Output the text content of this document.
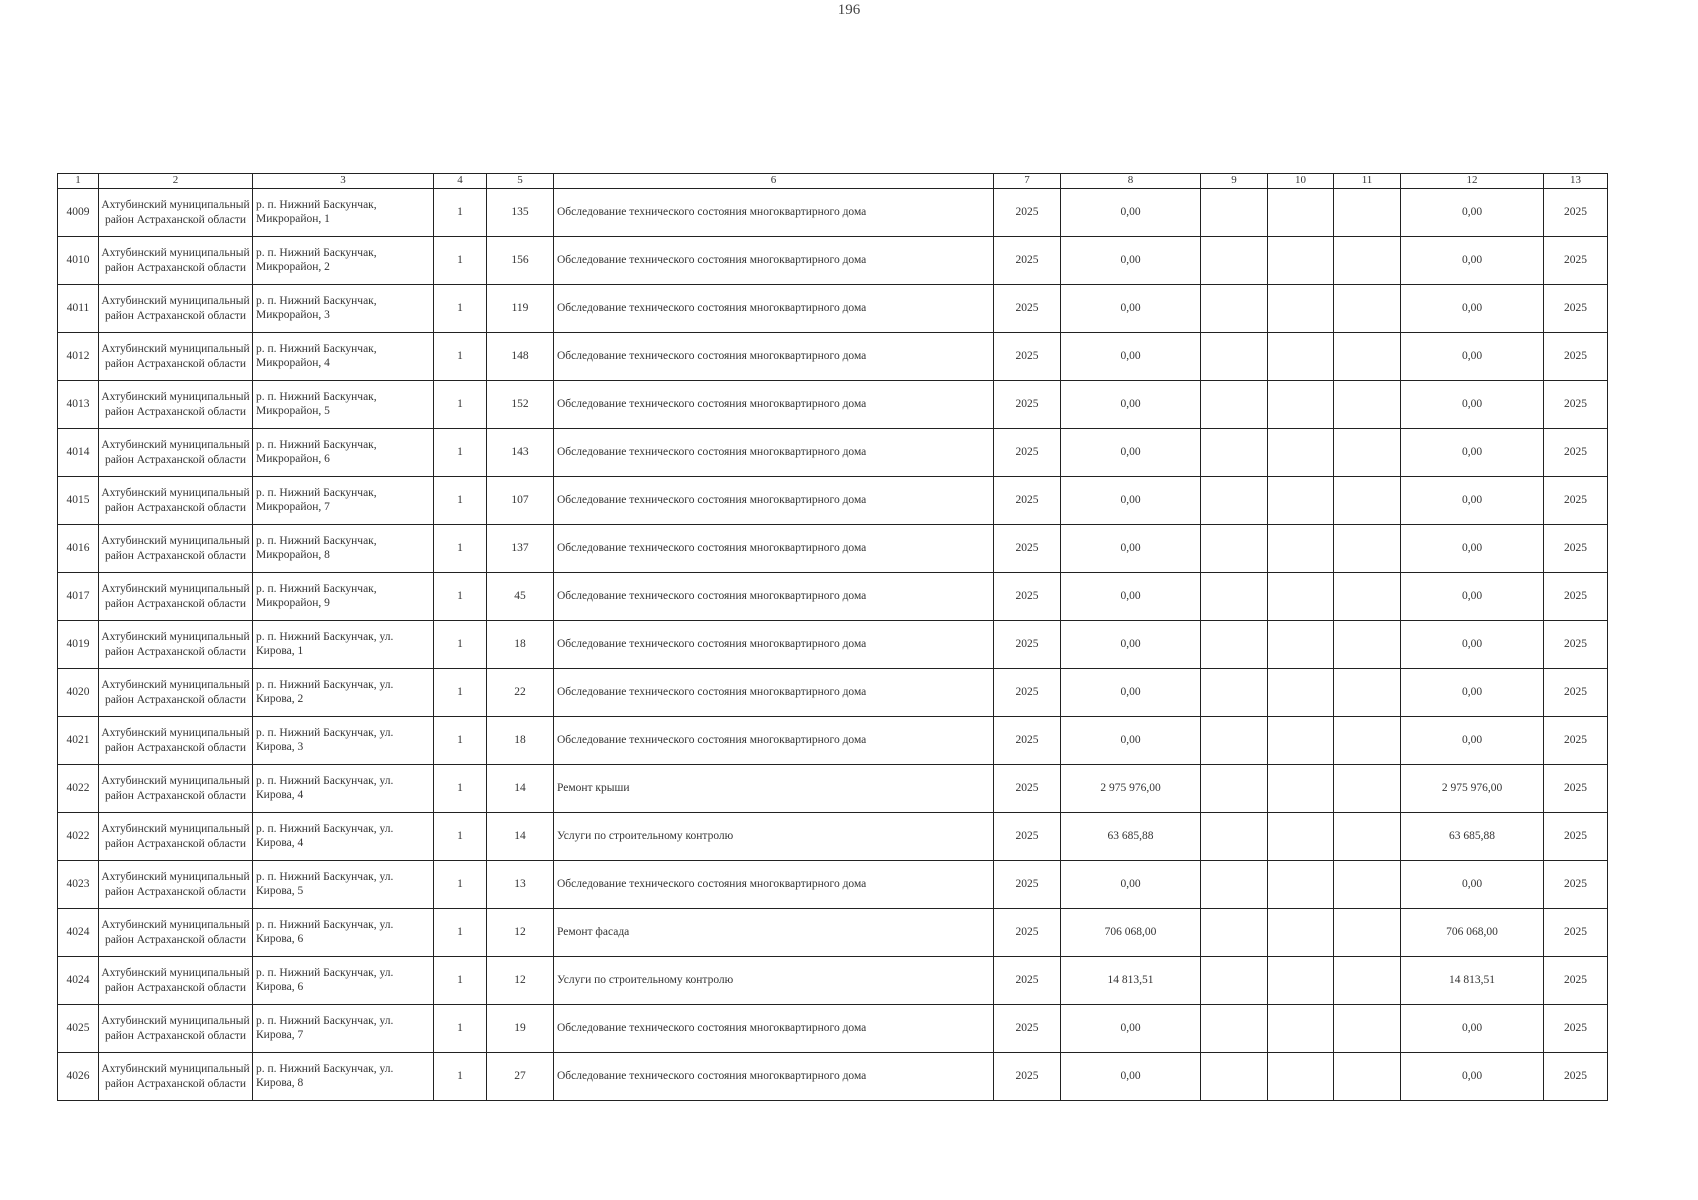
196
1	2	3	4	5	6	7	8	9	10	11	12	13
4009	Ахтубинский муниципальный район Астраханской области	р. п. Нижний Баскунчак, Микрорайон, 1	1	135	Обследование технического состояния многоквартирного дома	2025	0,00				0,00	2025
4010	Ахтубинский муниципальный район Астраханской области	р. п. Нижний Баскунчак, Микрорайон, 2	1	156	Обследование технического состояния многоквартирного дома	2025	0,00				0,00	2025
4011	Ахтубинский муниципальный район Астраханской области	р. п. Нижний Баскунчак, Микрорайон, 3	1	119	Обследование технического состояния многоквартирного дома	2025	0,00				0,00	2025
4012	Ахтубинский муниципальный район Астраханской области	р. п. Нижний Баскунчак, Микрорайон, 4	1	148	Обследование технического состояния многоквартирного дома	2025	0,00				0,00	2025
4013	Ахтубинский муниципальный район Астраханской области	р. п. Нижний Баскунчак, Микрорайон, 5	1	152	Обследование технического состояния многоквартирного дома	2025	0,00				0,00	2025
4014	Ахтубинский муниципальный район Астраханской области	р. п. Нижний Баскунчак, Микрорайон, 6	1	143	Обследование технического состояния многоквартирного дома	2025	0,00				0,00	2025
4015	Ахтубинский муниципальный район Астраханской области	р. п. Нижний Баскунчак, Микрорайон, 7	1	107	Обследование технического состояния многоквартирного дома	2025	0,00				0,00	2025
4016	Ахтубинский муниципальный район Астраханской области	р. п. Нижний Баскунчак, Микрорайон, 8	1	137	Обследование технического состояния многоквартирного дома	2025	0,00				0,00	2025
4017	Ахтубинский муниципальный район Астраханской области	р. п. Нижний Баскунчак, Микрорайон, 9	1	45	Обследование технического состояния многоквартирного дома	2025	0,00				0,00	2025
4019	Ахтубинский муниципальный район Астраханской области	р. п. Нижний Баскунчак, ул. Кирова, 1	1	18	Обследование технического состояния многоквартирного дома	2025	0,00				0,00	2025
4020	Ахтубинский муниципальный район Астраханской области	р. п. Нижний Баскунчак, ул. Кирова, 2	1	22	Обследование технического состояния многоквартирного дома	2025	0,00				0,00	2025
4021	Ахтубинский муниципальный район Астраханской области	р. п. Нижний Баскунчак, ул. Кирова, 3	1	18	Обследование технического состояния многоквартирного дома	2025	0,00				0,00	2025
4022	Ахтубинский муниципальный район Астраханской области	р. п. Нижний Баскунчак, ул. Кирова, 4	1	14	Ремонт крыши	2025	2 975 976,00				2 975 976,00	2025
4022	Ахтубинский муниципальный район Астраханской области	р. п. Нижний Баскунчак, ул. Кирова, 4	1	14	Услуги по строительному контролю	2025	63 685,88				63 685,88	2025
4023	Ахтубинский муниципальный район Астраханской области	р. п. Нижний Баскунчак, ул. Кирова, 5	1	13	Обследование технического состояния многоквартирного дома	2025	0,00				0,00	2025
4024	Ахтубинский муниципальный район Астраханской области	р. п. Нижний Баскунчак, ул. Кирова, 6	1	12	Ремонт фасада	2025	706 068,00				706 068,00	2025
4024	Ахтубинский муниципальный район Астраханской области	р. п. Нижний Баскунчак, ул. Кирова, 6	1	12	Услуги по строительному контролю	2025	14 813,51				14 813,51	2025
4025	Ахтубинский муниципальный район Астраханской области	р. п. Нижний Баскунчак, ул. Кирова, 7	1	19	Обследование технического состояния многоквартирного дома	2025	0,00				0,00	2025
4026	Ахтубинский муниципальный район Астраханской области	р. п. Нижний Баскунчак, ул. Кирова, 8	1	27	Обследование технического состояния многоквартирного дома	2025	0,00				0,00	2025
